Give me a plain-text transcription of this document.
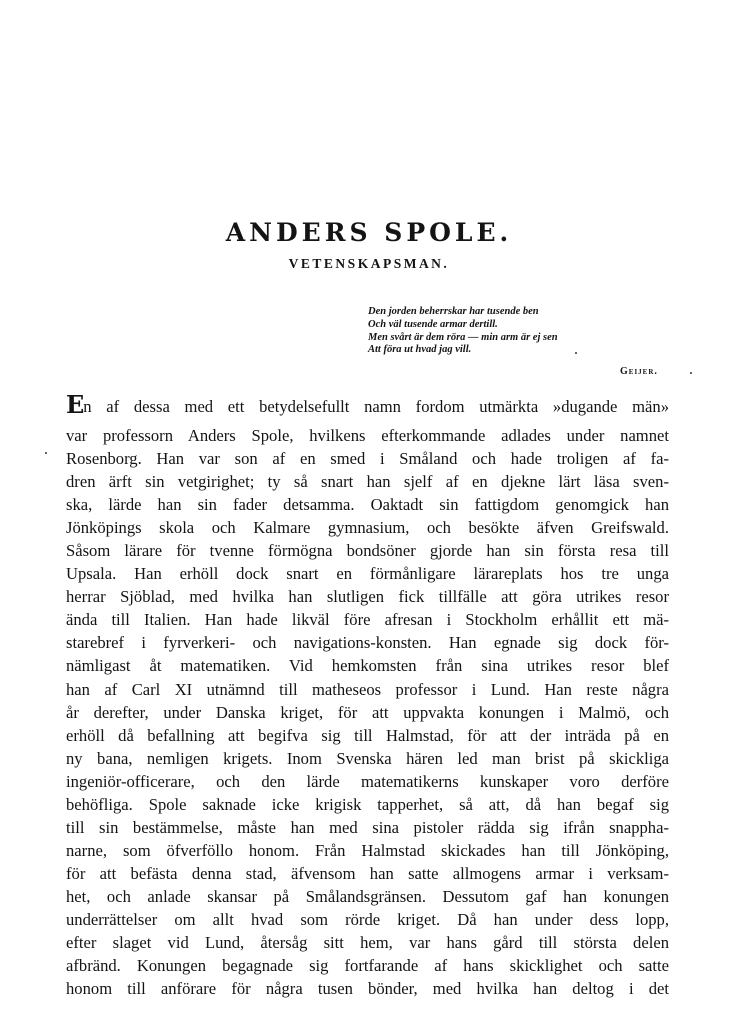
ANDERS SPOLE.
VETENSKAPSMAN.
Den jorden beherrskar har tusende ben
Och väl tusende armar dertill.
Men svårt är dem röra — min arm är ej sen
Att föra ut hvad jag vill.
Geijer.
En af dessa med ett betydelsefullt namn fordom utmärkta »dugande män»
var professorn Anders Spole, hvilkens efterkommande adlades under namnet
Rosenborg. Han var son af en smed i Småland och hade troligen af fa-
dren ärft sin vetgirighet; ty så snart han sjelf af en djekne lärt läsa sven-
ska, lärde han sin fader detsamma. Oaktadt sin fattigdom genomgick han
Jönköpings skola och Kalmare gymnasium, och besökte äfven Greifswald.
Såsom lärare för tvenne förmögna bondsöner gjorde han sin första resa till
Upsala. Han erhöll dock snart en förmånligare lärareplats hos tre unga
herrar Sjöblad, med hvilka han slutligen fick tillfälle att göra utrikes resor
ända till Italien. Han hade likväl före afresan i Stockholm erhållit ett mä-
starebref i fyrverkeri- och navigations-konsten. Han egnade sig dock för-
nämligast åt matematiken. Vid hemkomsten från sina utrikes resor blef
han af Carl XI utnämnd till matheseos professor i Lund. Han reste några
år derefter, under Danska kriget, för att uppvakta konungen i Malmö, och
erhöll då befallning att begifva sig till Halmstad, för att der inträda på en
ny bana, nemligen krigets. Inom Svenska hären led man brist på skickliga
ingeniör-officerare, och den lärde matematikerns kunskaper voro derföre
behöfliga. Spole saknade icke krigisk tapperhet, så att, då han begaf sig
till sin bestämmelse, måste han med sina pistoler rädda sig ifrån snappha-
narne, som öfverföllo honom. Från Halmstad skickades han till Jönköping,
för att befästa denna stad, äfvensom han satte allmogens armar i verksam-
het, och anlade skansar på Smålandsgränsen. Dessutom gaf han konungen
underrättelser om allt hvad som rörde kriget. Då han under dess lopp,
efter slaget vid Lund, återsåg sitt hem, var hans gård till största delen
afbränd. Konungen begagnade sig fortfarande af hans skicklighet och satte
honom till anförare för några tusen bönder, med hvilka han deltog i det
